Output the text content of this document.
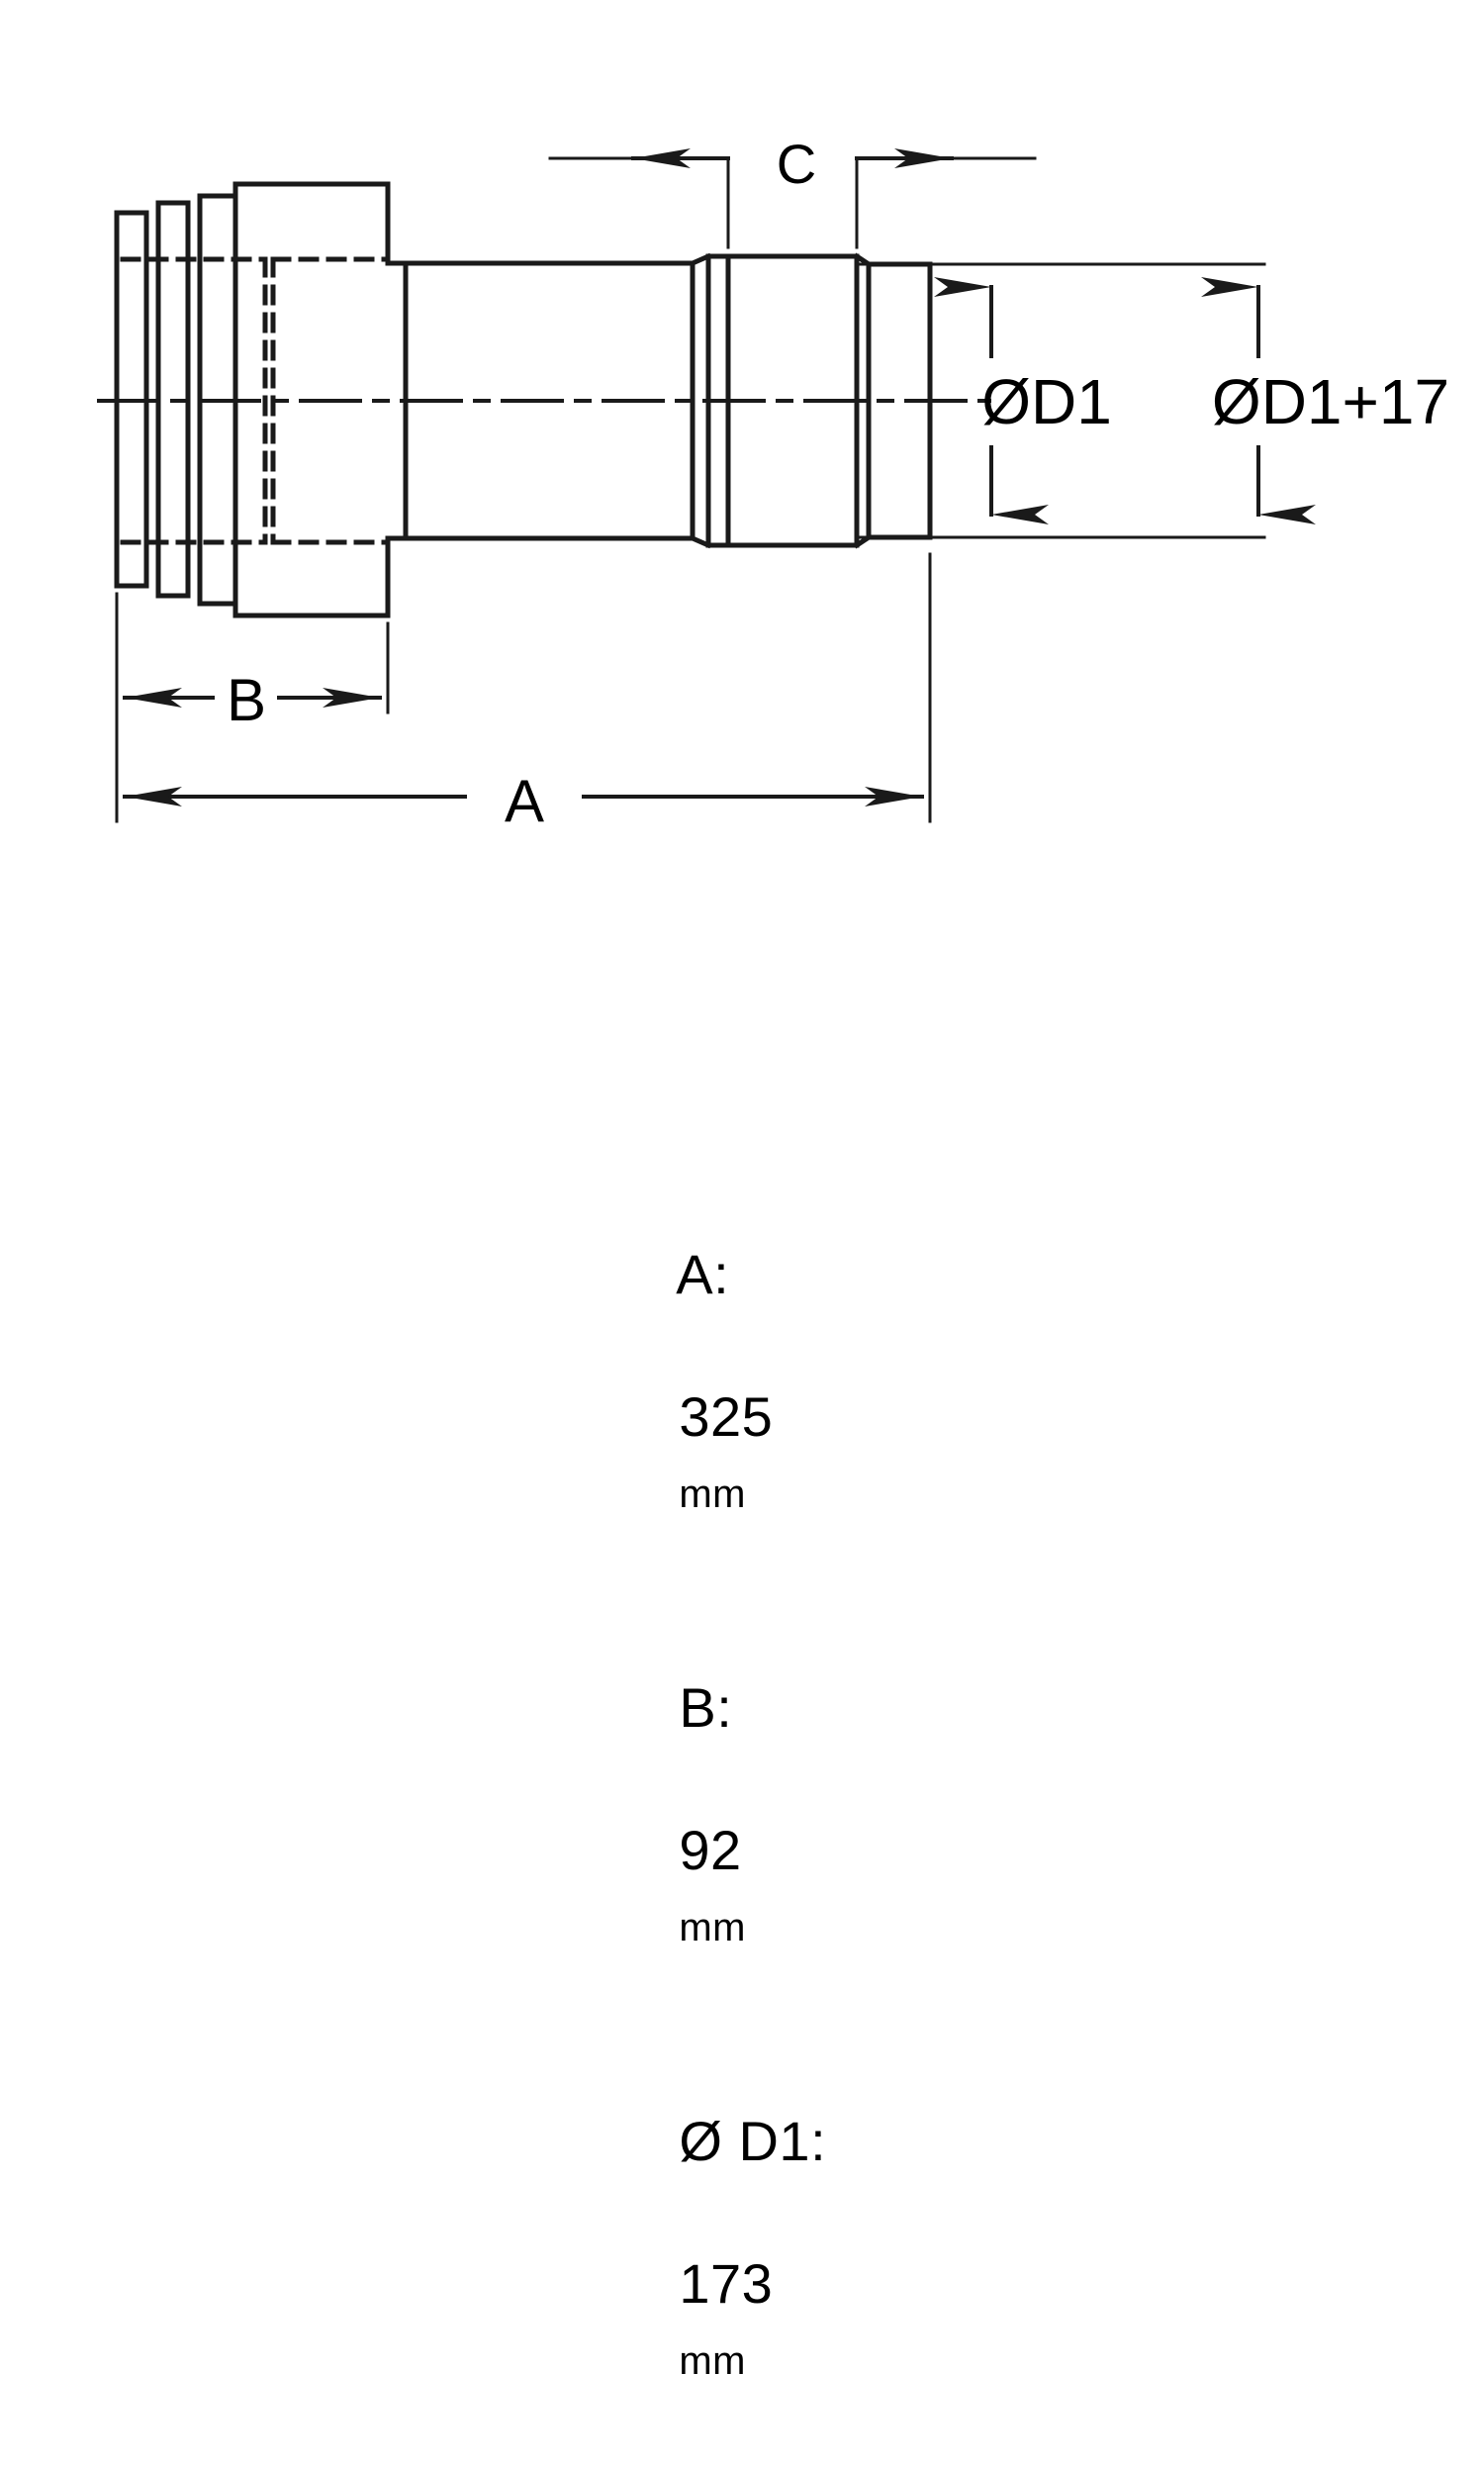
C
ØD1 ØD1+17
B
A

A:

325
mm

B:

92
mm

Ø D1:

173
mm
